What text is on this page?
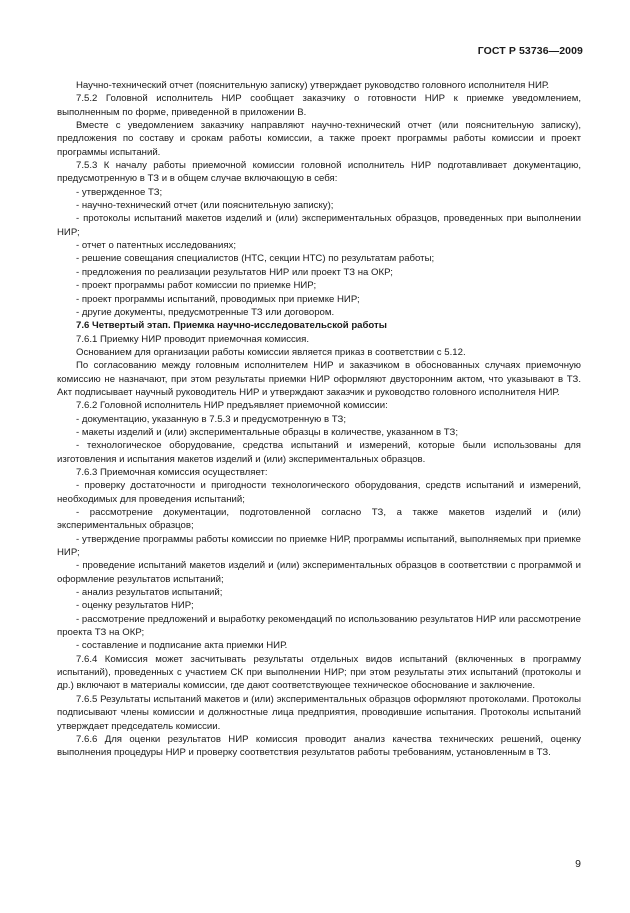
ГОСТ Р 53736—2009

Научно-технический отчет (пояснительную записку) утверждает руководство головного исполнителя НИР.

7.5.2 Головной исполнитель НИР сообщает заказчику о готовности НИР к приемке уведомлением, выполненным по форме, приведенной в приложении В.

Вместе с уведомлением заказчику направляют научно-технический отчет (или пояснительную записку), предложения по составу и срокам работы комиссии, а также проект программы работы комиссии и проект программы испытаний.

7.5.3 К началу работы приемочной комиссии головной исполнитель НИР подготавливает документацию, предусмотренную в ТЗ и в общем случае включающую в себя:

- утвержденное ТЗ;

- научно-технический отчет (или пояснительную записку);

- протоколы испытаний макетов изделий и (или) экспериментальных образцов, проведенных при выполнении НИР;

- отчет о патентных исследованиях;

- решение совещания специалистов (НТС, секции НТС) по результатам работы;

- предложения по реализации результатов НИР или проект ТЗ на ОКР;

- проект программы работ комиссии по приемке НИР;

- проект программы испытаний, проводимых при приемке НИР;

- другие документы, предусмотренные ТЗ или договором.

7.6 Четвертый этап. Приемка научно-исследовательской работы

7.6.1 Приемку НИР проводит приемочная комиссия.

Основанием для организации работы комиссии является приказ в соответствии с 5.12.

По согласованию между головным исполнителем НИР и заказчиком в обоснованных случаях приемочную комиссию не назначают, при этом результаты приемки НИР оформляют двусторонним актом, что указывают в ТЗ. Акт подписывает научный руководитель НИР и утверждают заказчик и руководство головного исполнителя НИР.

7.6.2 Головной исполнитель НИР предъявляет приемочной комиссии:

- документацию, указанную в 7.5.3 и предусмотренную в ТЗ;

- макеты изделий и (или) экспериментальные образцы в количестве, указанном в ТЗ;

- технологическое оборудование, средства испытаний и измерений, которые были использованы для изготовления и испытания макетов изделий и (или) экспериментальных образцов.

7.6.3 Приемочная комиссия осуществляет:

- проверку достаточности и пригодности технологического оборудования, средств испытаний и измерений, необходимых для проведения испытаний;

- рассмотрение документации, подготовленной согласно ТЗ, а также макетов изделий и (или) экспериментальных образцов;

- утверждение программы работы комиссии по приемке НИР, программы испытаний, выполняемых при приемке НИР;

- проведение испытаний макетов изделий и (или) экспериментальных образцов в соответствии с программой и оформление результатов испытаний;

- анализ результатов испытаний;

- оценку результатов НИР;

- рассмотрение предложений и выработку рекомендаций по использованию результатов НИР или рассмотрение проекта ТЗ на ОКР;

- составление и подписание акта приемки НИР.

7.6.4 Комиссия может засчитывать результаты отдельных видов испытаний (включенных в программу испытаний), проведенных с участием СК при выполнении НИР; при этом результаты этих испытаний (протоколы и др.) включают в материалы комиссии, где дают соответствующее техническое обоснование и заключение.

7.6.5 Результаты испытаний макетов и (или) экспериментальных образцов оформляют протоколами. Протоколы подписывают члены комиссии и должностные лица предприятия, проводившие испытания. Протоколы испытаний утверждает председатель комиссии.

7.6.6 Для оценки результатов НИР комиссия проводит анализ качества технических решений, оценку выполнения процедуры НИР и проверку соответствия результатов работы требованиям, установленным в ТЗ.

9
